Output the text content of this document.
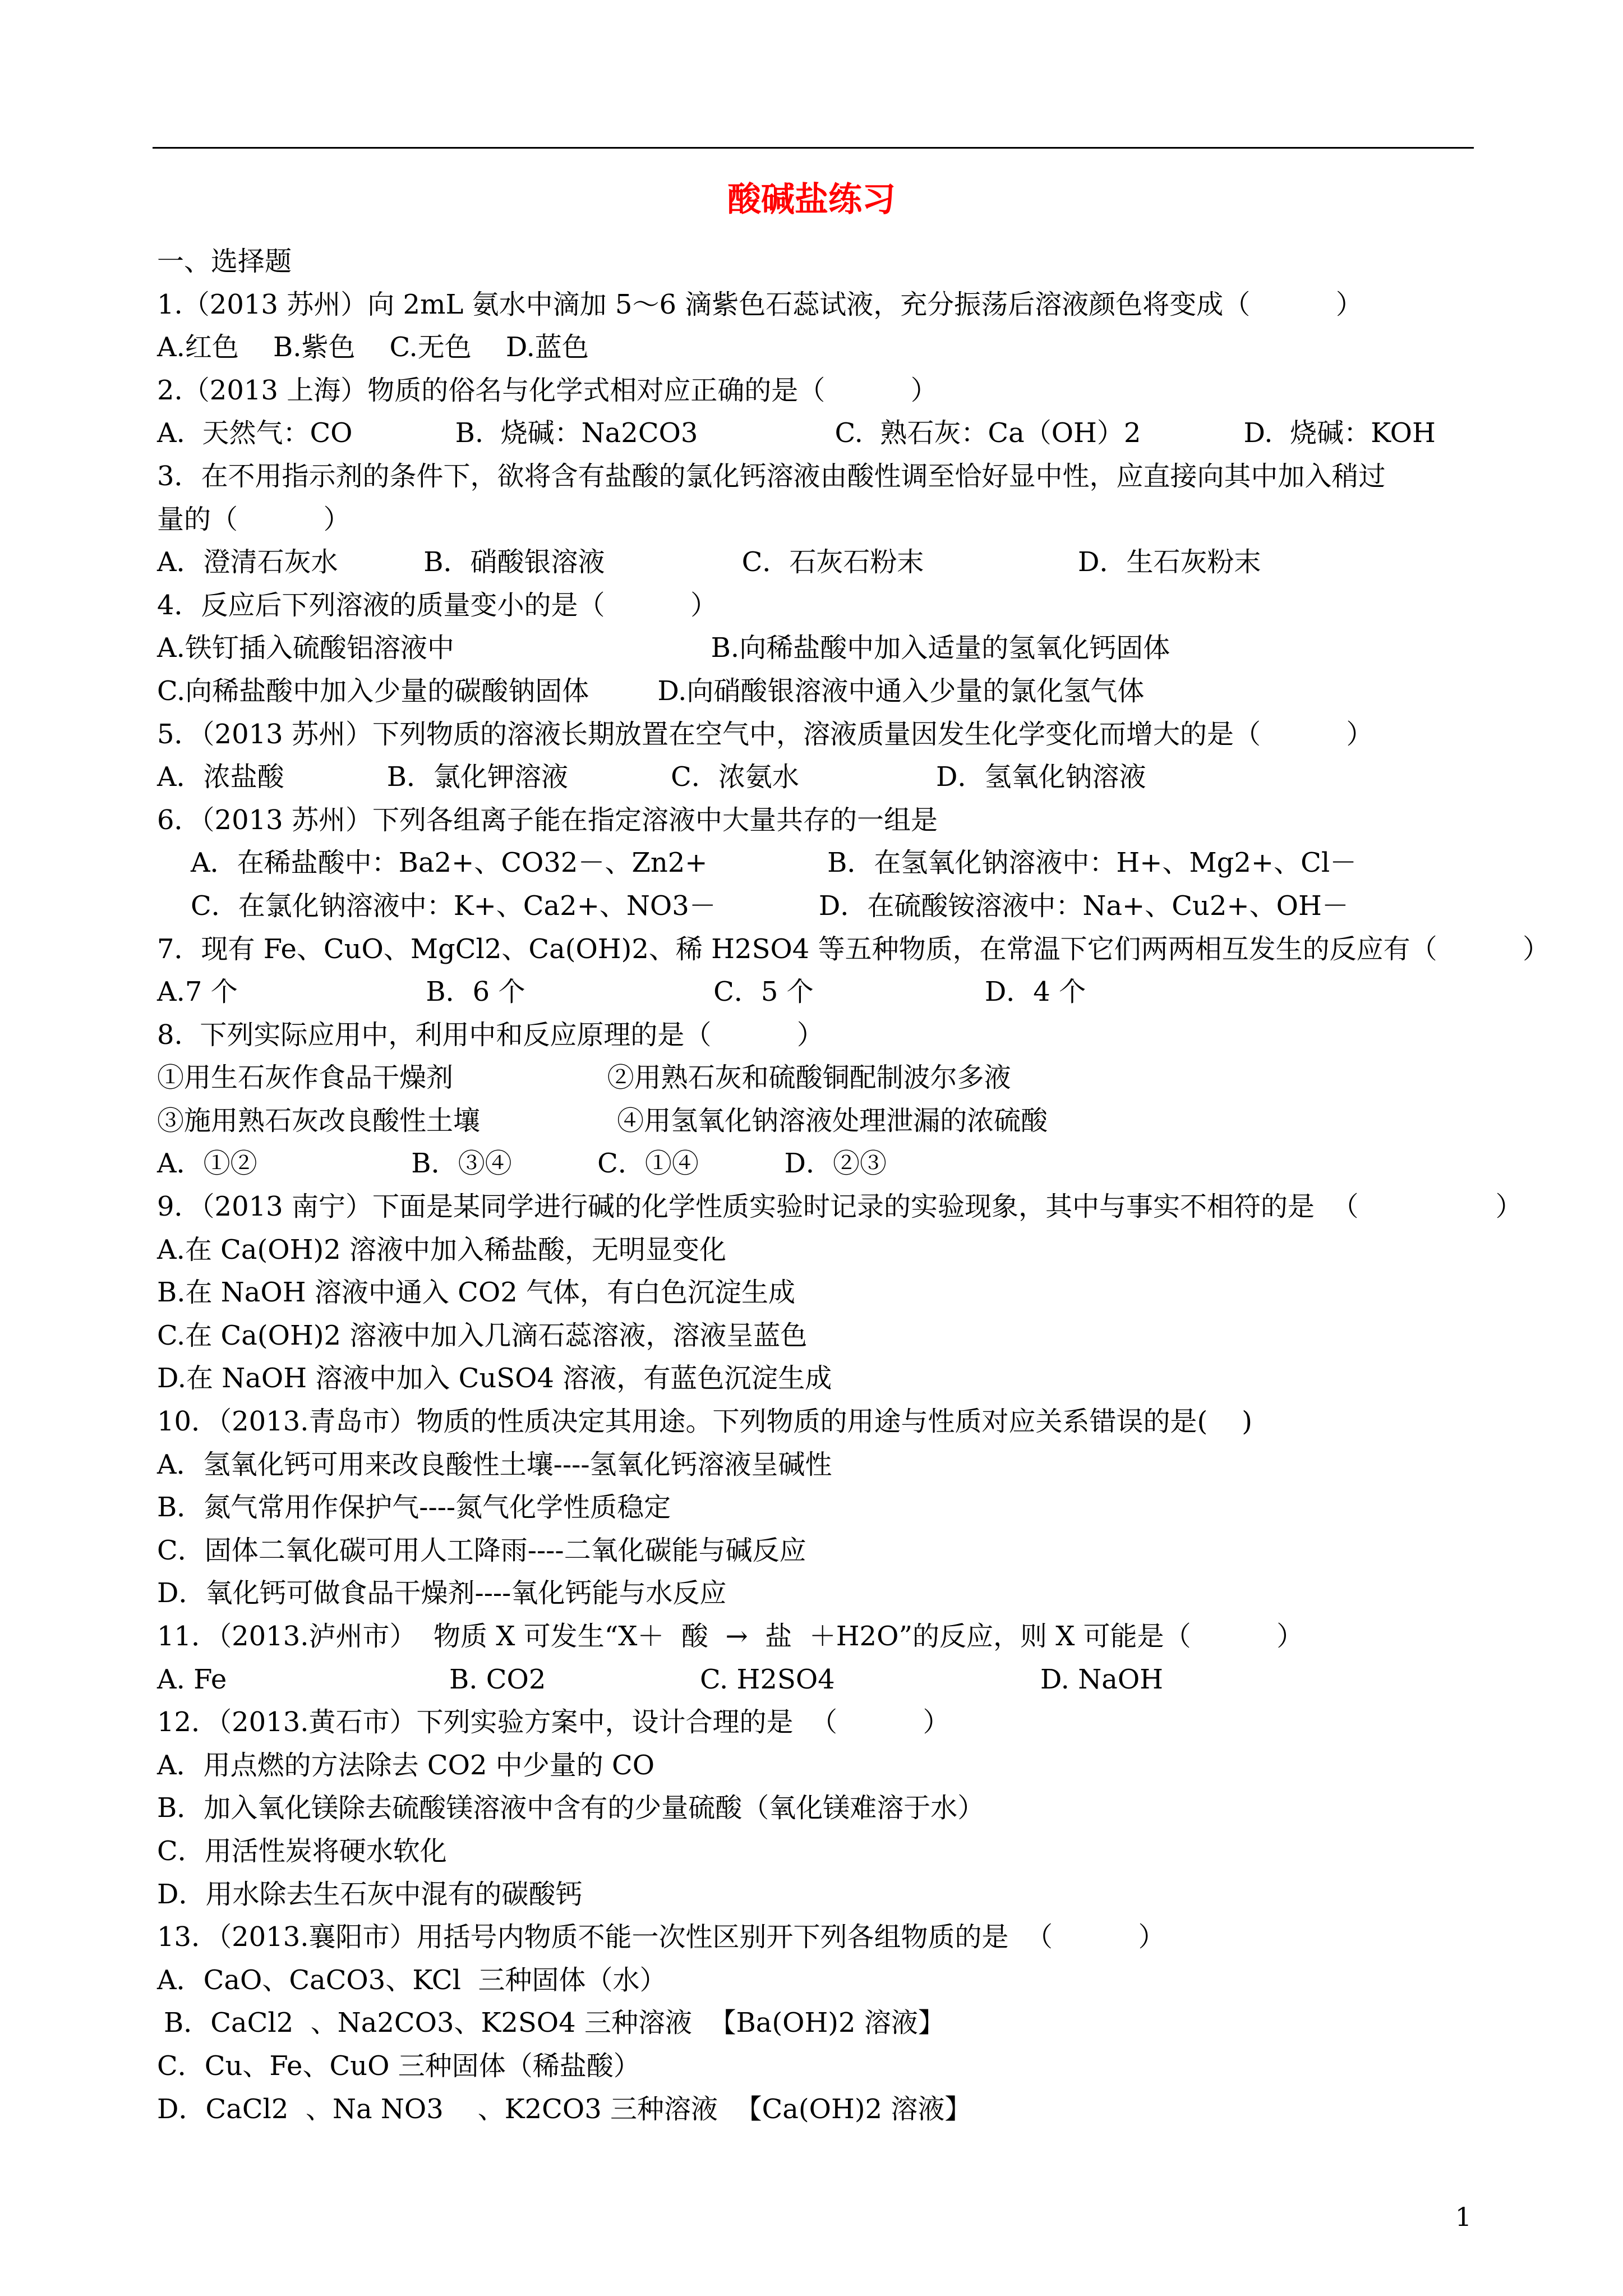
酸碱盐练习
一、选择题
1.（2013 苏州）向 2mL 氨水中滴加 5～6 滴紫色石蕊试液，充分振荡后溶液颜色将变成（          ）
A.红色    B.紫色    C.无色    D.蓝色
2.（2013 上海）物质的俗名与化学式相对应正确的是（          ）
A.  天然气：CO            B.  烧碱：Na2CO3                C.  熟石灰：Ca（OH）2            D.  烧碱：KOH
3．在不用指示剂的条件下，欲将含有盐酸的氯化钙溶液由酸性调至恰好显中性，应直接向其中加入稍过
量的（          ）
A．澄清石灰水          B．硝酸银溶液                C．石灰石粉末                  D．生石灰粉末
4．反应后下列溶液的质量变小的是（          ）
A.铁钉插入硫酸铝溶液中                              B.向稀盐酸中加入适量的氢氧化钙固体
C.向稀盐酸中加入少量的碳酸钠固体        D.向硝酸银溶液中通入少量的氯化氢气体
5．（2013 苏州）下列物质的溶液长期放置在空气中，溶液质量因发生化学变化而增大的是（          ）
A．浓盐酸            B．氯化钾溶液            C．浓氨水                D．氢氧化钠溶液
6．（2013 苏州）下列各组离子能在指定溶液中大量共存的一组是
A．在稀盐酸中：Ba2+、CO32－、Zn2+              B．在氢氧化钠溶液中：H+、Mg2+、Cl－
C．在氯化钠溶液中：K+、Ca2+、NO3－            D．在硫酸铵溶液中：Na+、Cu2+、OH－
7．现有 Fe、CuO、MgCl2、Ca(OH)2、稀 H2SO4 等五种物质，在常温下它们两两相互发生的反应有（          ）
A.7 个                      B．6 个                      C．5 个                    D．4 个
8.  下列实际应用中，利用中和反应原理的是（          ）
①用生石灰作食品干燥剂                  ②用熟石灰和硫酸铜配制波尔多液
③施用熟石灰改良酸性土壤                ④用氢氧化钠溶液处理泄漏的浓硫酸
A．①②                  B．③④          C．①④          D．②③
9．（2013 南宁）下面是某同学进行碱的化学性质实验时记录的实验现象，其中与事实不相符的是  （                ）
A.在 Ca(OH)2 溶液中加入稀盐酸，无明显变化
B.在 NaOH 溶液中通入 CO2 气体，有白色沉淀生成
C.在 Ca(OH)2 溶液中加入几滴石蕊溶液，溶液呈蓝色
D.在 NaOH 溶液中加入 CuSO4 溶液，有蓝色沉淀生成
10．（2013.青岛市）物质的性质决定其用途。下列物质的用途与性质对应关系错误的是(    )
A．氢氧化钙可用来改良酸性土壤----氢氧化钙溶液呈碱性
B．氮气常用作保护气----氮气化学性质稳定
C．固体二氧化碳可用人工降雨----二氧化碳能与碱反应
D．氧化钙可做食品干燥剂----氧化钙能与水反应
11．（2013.泸州市）  物质 X 可发生“X＋  酸  →  盐  ＋H2O”的反应，则 X 可能是（          ）
A. Fe                          B. CO2                  C. H2SO4                        D. NaOH
12．（2013.黄石市）下列实验方案中，设计合理的是  （          ）
A．用点燃的方法除去 CO2 中少量的 CO
B．加入氧化镁除去硫酸镁溶液中含有的少量硫酸（氧化镁难溶于水）
C．用活性炭将硬水软化
D．用水除去生石灰中混有的碳酸钙
13．（2013.襄阳市）用括号内物质不能一次性区别开下列各组物质的是  （          ）
A．CaO、CaCO3、KCl  三种固体（水）
B．CaCl2  、Na2CO3、K2SO4 三种溶液  【Ba(OH)2 溶液】
C．Cu、Fe、CuO 三种固体（稀盐酸）
D．CaCl2  、Na NO3    、K2CO3 三种溶液  【Ca(OH)2 溶液】
1
